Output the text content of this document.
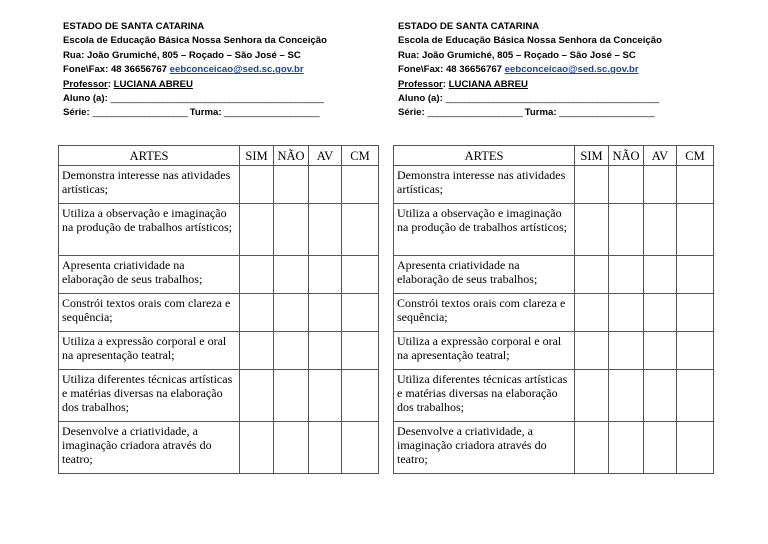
ESTADO DE SANTA CATARINA
Escola de Educação Básica Nossa Senhora da Conceição
Rua: João Grumiché, 805 – Roçado – São José – SC
Fone\Fax: 48 36656767 eebconceicao@sed.sc.gov.br
Professor: LUCIANA ABREU
Aluno (a): _____________________________________________
Série: ____________________ Turma: ____________________
ARTES	SIM	NÃO	AV	CM
Demonstra interesse nas atividades artísticas;				
Utiliza a observação e imaginação na produção de trabalhos artísticos;				
Apresenta criatividade na elaboração de seus trabalhos;				
Constrói textos orais com clareza e sequência;				
Utiliza a expressão corporal e oral na apresentação teatral;				
Utiliza diferentes técnicas artísticas e matérias diversas na elaboração dos trabalhos;				
Desenvolve a criatividade, a imaginação criadora através do teatro;				
ESTADO DE SANTA CATARINA
Escola de Educação Básica Nossa Senhora da Conceição
Rua: João Grumiché, 805 – Roçado – São José – SC
Fone\Fax: 48 36656767 eebconceicao@sed.sc.gov.br
Professor: LUCIANA ABREU
Aluno (a): _____________________________________________
Série: ____________________ Turma: ____________________
ARTES	SIM	NÃO	AV	CM
Demonstra interesse nas atividades artísticas;				
Utiliza a observação e imaginação na produção de trabalhos artísticos;				
Apresenta criatividade na elaboração de seus trabalhos;				
Constrói textos orais com clareza e sequência;				
Utiliza a expressão corporal e oral na apresentação teatral;				
Utiliza diferentes técnicas artísticas e matérias diversas na elaboração dos trabalhos;				
Desenvolve a criatividade, a imaginação criadora através do teatro;				
